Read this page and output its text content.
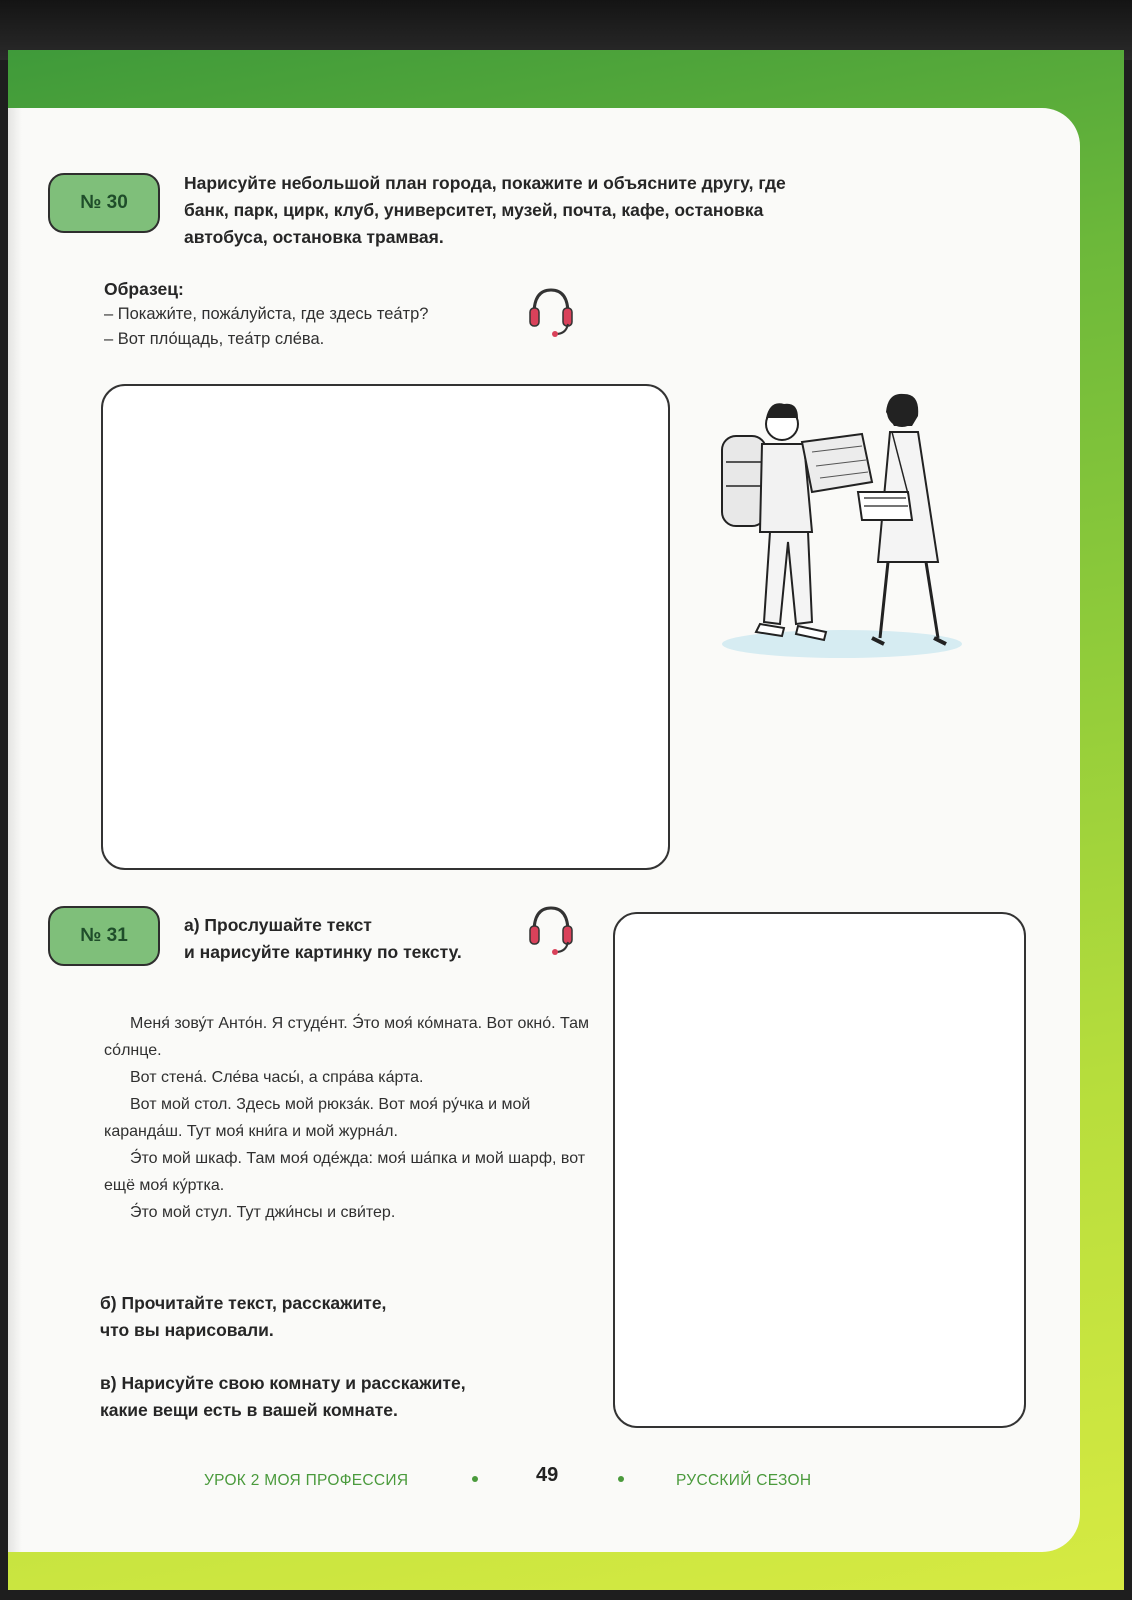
№ 30
Нарисуйте небольшой план города, покажите и объясните другу, где
банк, парк, цирк, клуб, университет, музей, почта, кафе, остановка
автобуса, остановка трамвая.
Образец:
– Покажи́те, пожа́луйста, где здесь теа́тр?
– Вот пло́щадь, теа́тр сле́ва.
№ 31	а) Прослушайте текст
и нарисуйте картинку по тексту.

Меня́ зову́т Анто́н. Я студе́нт. Э́то моя́ ко́мната. Вот окно́. Там со́лнце.

Вот стена́. Сле́ва часы́, а спра́ва ка́рта.

Вот мой стол. Здесь мой рюкза́к. Вот моя́ ру́чка и мой каранда́ш. Тут моя́ кни́га и мой журна́л.

Э́то мой шкаф. Там моя́ оде́жда: моя́ ша́пка и мой шарф, вот ещё моя́ ку́ртка.

Э́то мой стул. Тут джи́нсы и сви́тер.

б) Прочитайте текст, расскажите,
что вы нарисовали.
в) Нарисуйте свою комнату и расскажите,
какие вещи есть в вашей комнате.
УРОК 2 МОЯ ПРОФЕССИЯ	49	РУССКИЙ СЕЗОН
